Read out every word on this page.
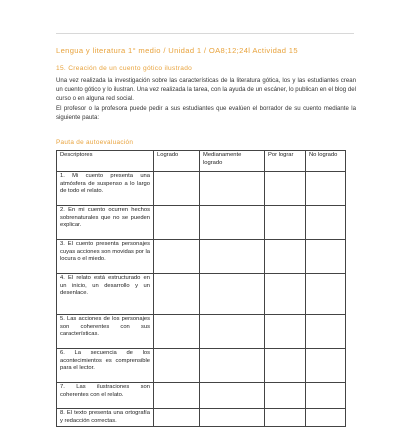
Lengua y literatura 1° medio / Unidad 1 / OA8;12;24l Actividad 15
15. Creación de un cuento gótico ilustrado
Una vez realizada la investigación sobre las características de la literatura gótica, los y las estudiantes crean un cuento gótico y lo ilustran. Una vez realizada la tarea, con la ayuda de un escáner, lo publican en el blog del curso o en alguna red social.
El profesor o la profesora puede pedir a sus estudiantes que evalúen el borrador de su cuento mediante la siguiente pauta:
Pauta de autoevaluación
Descriptores	Logrado	Medianamente logrado	Por lograr	No logrado
1. Mi cuento presenta una atmósfera de suspenso a lo largo de todo el relato.				
2. En mi cuento ocurren hechos sobrenaturales que no se pueden explicar.				
3. El cuento presenta personajes cuyas acciones son movidas por la locura o el miedo.				
4. El relato está estructurado en un inicio, un desarrollo y un desenlace.				
5. Las acciones de los personajes son coherentes con sus características.				
6. La secuencia de los acontecimientos es comprensible para el lector.				
7. Las ilustraciones son coherentes con el relato.				
8. El texto presenta una ortografía y redacción correctas.				
